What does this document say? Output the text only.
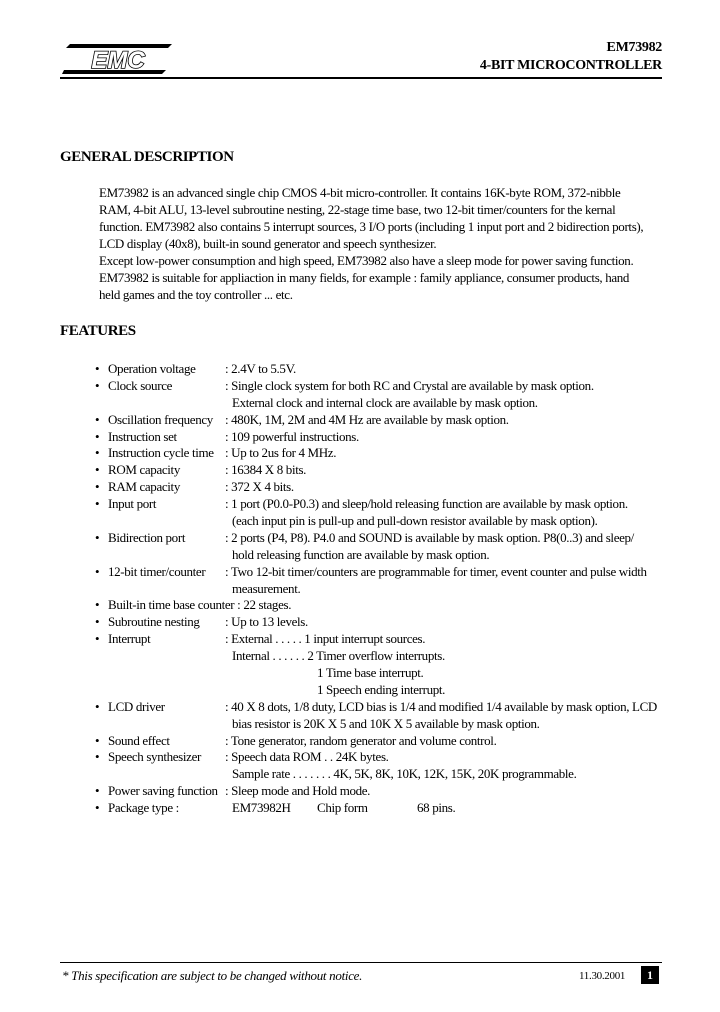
EMC	EM73982
4-BIT MICROCONTROLLER
GENERAL DESCRIPTION
EM73982 is an advanced single chip CMOS 4-bit micro-controller. It contains 16K-byte ROM, 372-nibble
RAM, 4-bit ALU, 13-level subroutine nesting, 22-stage time base, two 12-bit timer/counters for the kernal
function. EM73982 also contains 5 interrupt sources, 3 I/O ports (including 1 input port and 2 bidirection ports),
LCD display (40x8), built-in sound generator and speech synthesizer.
Except low-power consumption and high speed, EM73982 also have a sleep mode for power saving function.
EM73982 is suitable for appliaction in many fields, for example : family appliance, consumer products, hand
held games and the toy controller ... etc.
FEATURES
• Operation voltage : 2.4V to 5.5V.
• Clock source	: Single clock system for both RC and Crystal are available by mask option.
External clock and internal clock are available by mask option.
• Oscillation frequency : 480K, 1M, 2M and 4M Hz are available by mask option.
• Instruction set	: 109 powerful instructions.
• Instruction cycle time : Up to 2us for 4 MHz.
• ROM capacity	: 16384 X 8 bits.
• RAM capacity	: 372 X 4 bits.
• Input port	: 1 port (P0.0-P0.3) and sleep/hold releasing function are available by mask option.
(each input pin is pull-up and pull-down resistor available by mask option).
• Bidirection port	: 2 ports (P4, P8). P4.0 and SOUND is available by mask option. P8(0..3) and sleep/
hold releasing function are available by mask option.
• 12-bit timer/counter : Two 12-bit timer/counters are programmable for timer, event counter and pulse width
measurement.
• Built-in time base counter : 22 stages.
• Subroutine nesting : Up to 13 levels.
• Interrupt	: External . . . . . 1 input interrupt sources.
Internal . . . . . . 2 Timer overflow interrupts.
1 Time base interrupt.
1 Speech ending interrupt.
• LCD driver	: 40 X 8 dots, 1/8 duty, LCD bias is 1/4 and modified 1/4 available by mask option, LCD
bias resistor is 20K X 5 and 10K X 5 available by mask option.
• Sound effect	: Tone generator, random generator and volume control.
• Speech synthesizer : Speech data ROM . . 24K bytes.
Sample rate . . . . . . . 4K, 5K, 8K, 10K, 12K, 15K, 20K programmable.
• Power saving function : Sleep mode and Hold mode.
• Package type :	EM73982H Chip form	68 pins.
* This specification are subject to be changed without notice.	11.30.2001	1
